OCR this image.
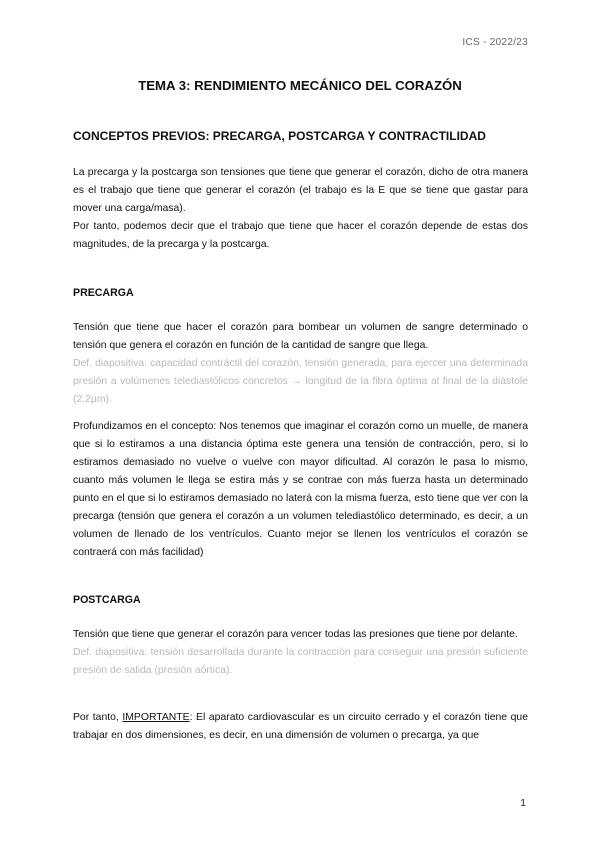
ICS - 2022/23
TEMA 3: RENDIMIENTO MECÁNICO DEL CORAZÓN
CONCEPTOS PREVIOS: PRECARGA, POSTCARGA Y CONTRACTILIDAD

La precarga y la postcarga son tensiones que tiene que generar el corazón, dicho de otra manera es el trabajo que tiene que generar el corazón (el trabajo es la E que se tiene que gastar para mover una carga/masa).

Por tanto, podemos decir que el trabajo que tiene que hacer el corazón depende de estas dos magnitudes, de la precarga y la postcarga.

PRECARGA

Tensión que tiene que hacer el corazón para bombear un volumen de sangre determinado o tensión que genera el corazón en función de la cantidad de sangre que llega.

Def. diapositiva: capacidad contráctil del corazón, tensión generada, para ejercer una determinada presión a volúmenes telediastólicos concretos → longitud de la fibra óptima al final de la diástole (2,2μm).

Profundizamos en el concepto: Nos tenemos que imaginar el corazón como un muelle, de manera que si lo estiramos a una distancia óptima este genera una tensión de contracción, pero, si lo estiramos demasiado no vuelve o vuelve con mayor dificultad. Al corazón le pasa lo mismo, cuanto más volumen le llega se estira más y se contrae con más fuerza hasta un determinado punto en el que si lo estiramos demasiado no laterá con la misma fuerza, esto tiene que ver con la precarga (tensión que genera el corazón a un volumen telediastólico determinado, es decir, a un volumen de llenado de los ventrículos. Cuanto mejor se llenen los ventrículos el corazón se contraerá con más facilidad)

POSTCARGA

Tensión que tiene que generar el corazón para vencer todas las presiones que tiene por delante.

Def. diapositiva: tensión desarrollada durante la contracción para conseguir una presión suficiente presión de salida (presión aórtica).

Por tanto, IMPORTANTE: El aparato cardiovascular es un circuito cerrado y el corazón tiene que trabajar en dos dimensiones, es decir, en una dimensión de volumen o precarga, ya que

1
